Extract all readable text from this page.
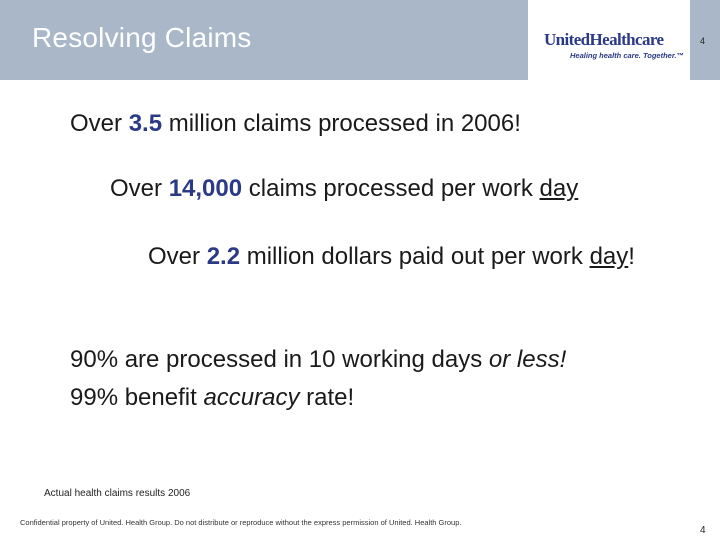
Resolving Claims	UnitedHealthcare
Healing health care. Together.™
4
Over 3.5 million claims processed in 2006!
Over 14,000 claims processed per work day
Over 2.2 million dollars paid out per work day!
90% are processed in 10 working days or less!
99% benefit accuracy rate!
Actual health claims results 2006
Confidential property of United. Health Group. Do not distribute or reproduce without the express permission of United. Health Group.
4
